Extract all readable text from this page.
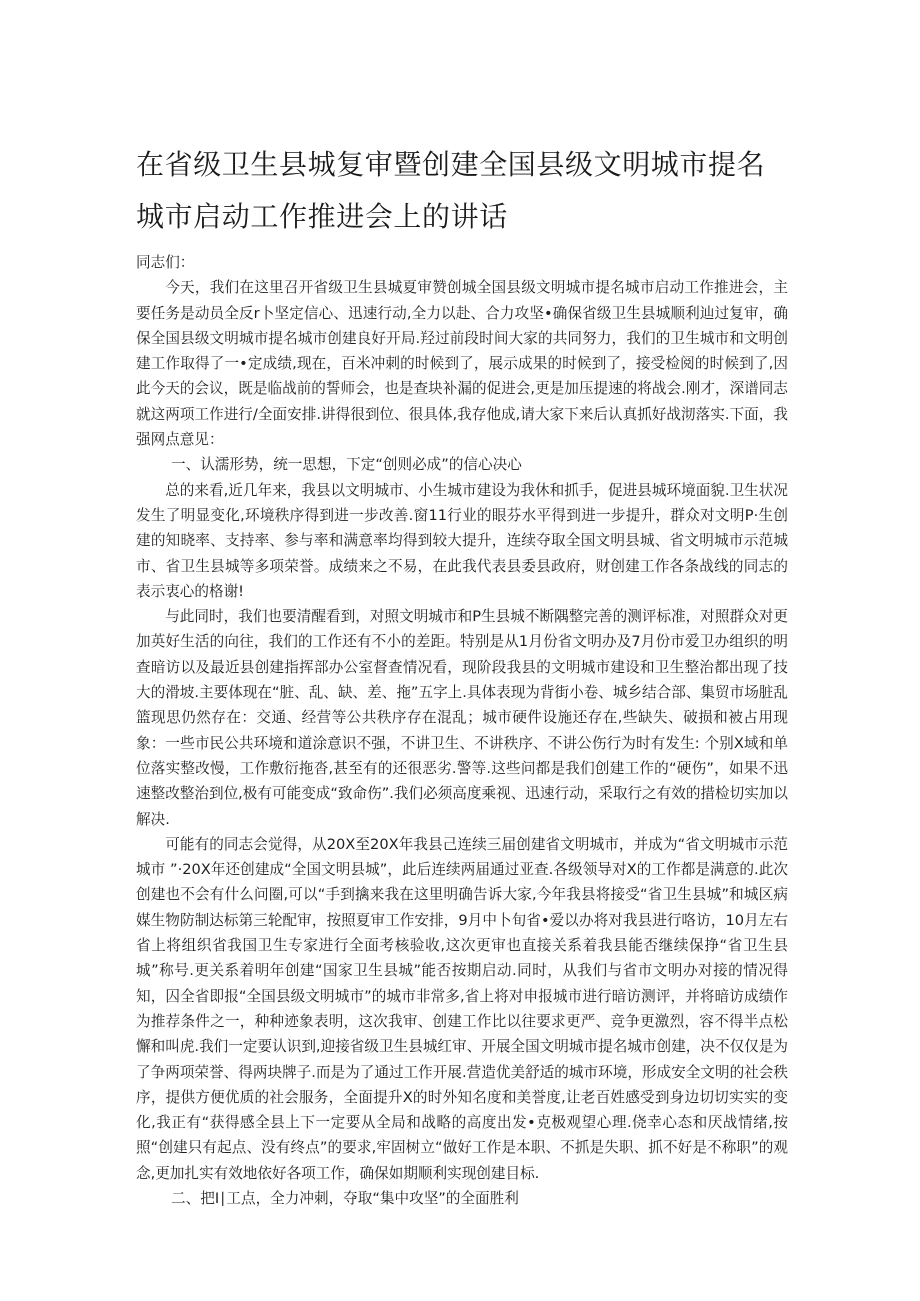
在省级卫生县城复审暨创建全国县级文明城市提名
城市启动工作推进会上的讲话

同志们：

今天，我们在这里召开省级卫生县城夏审赞创城全国县级文明城市提名城市启动工作推进会，主要任务是动员全反r卜坚定信心、迅速行动,全力以赴、合力攻坚•确保省级卫生县城顺利辿过复审，确保全国县级文明城市提名城市创建良好开局.羟过前段时间大家的共同努力，我们的卫生城市和文明创建工作取得了一•定成绩,现在，百米冲刺的时候到了，展示成果的时候到了，接受检阅的时候到了,因此今天的会议，既是临战前的誓师会，也是查块补漏的促进会,更是加压提速的将战会.刚才，深谱同志就这两项工作进行/全面安排.讲得很到位、很具体,我存他成,请大家下来后认真抓好战沏落实.下面，我强网点意见：

一、认濡形势，统一思想，下定“创则必成”的信心决心

总的来看,近几年来，我县以文明城市、小生城市建设为我休和抓手，促进县城环境面貌.卫生状况发生了明显变化,环境秩序得到进一步改善.窗11行业的眼芬水平得到进一步提升，群众对文明P·生创建的知晓率、支持率、参与率和满意率均得到较大提升，连续夺取全国文明县城、省文明城市示范城市、省卫生县城等多项荣誉。成绩来之不易，在此我代表县委县政府，财创建工作各条战线的同志的表示衷心的格谢!

与此同时，我们也要清醒看到，对照文明城市和P生县城不断隅整完善的测评标准，对照群众对更加英好生活的向往，我们的工作还有不小的差距。特别是从1月份省文明办及7月份市爱卫办组织的明查暗访以及最近县创建指挥部办公室督查情况看，现阶段我县的文明城市建设和卫生整治都出现了技大的滑坡.主要体现在“脏、乱、缺、差、拖”五字上.具体表现为背街小卷、城乡结合部、集贸市场脏乱篮现思仍然存在：交通、经营等公共秩序存在混乱；城市硬件设施还存在,些缺失、破损和被占用现象：一些市民公共环境和道涂意识不强，不讲卫生、不讲秩序、不讲公伤行为时有发生: 个别X域和单位落实整改慢，工作敷衍拖沓,甚至有的还很恶劣.警等.这些问都是我们创建工作的“硬伤”，如果不迅速整改整治到位,极有可能变成“致命伤”.我们必须高度乘视、迅速行动，采取行之有效的措检切实加以解决.

可能有的同志会觉得，从20X至20X年我县己连续三届创建省文明城市，并成为“省文明城市示范城市 ”·20X年还创建成“全国文明县城”，此后连续两届通过亚查.各级领导对X的工作都是满意的.此次创建也不会有什么问圈,可以“手到擒来我在这里明确告诉大家,今年我县将接受“省卫生县城”和城区病媒生物防制达标第三轮配审，按照夏审工作安排，9月中卜旬省•爱以办将对我县进行咯访，10月左右省上将组织省我国卫生专家进行全面考核验收,这次更审也直接关系着我县能否继续保挣“省卫生县城”称号.更关系着明年创建“国家卫生县城”能否按期启动.同时，从我们与省市文明办对接的情况得知，囚全省即报“全国县级文明城市”的城市非常多,省上将对申报城市进行暗访测评，并将暗访成绩作为推荐条件之一，种种迹象表明，这次我审、创建工作比以往要求更严、竞争更激烈，容不得半点松懈和叫虎.我们一定要认识到,迎接省级卫生县城红审、开展全国文明城市提名城市创建，决不仅仅是为了争两项荣誉、得两块牌子.而是为了通过工作开展.营造优美舒适的城市环境，形成安全文明的社会秩序，提供方便优质的社会服务，全面提升X的时外知名度和美誉度,让老百姓感受到身边切切实实的变化,我正有“获得感全县上下一定要从全局和战略的高度出发•克极观望心理.侥幸心态和厌战情绪,按照“创建只有起点、没有终点”的要求,牢固树立“做好工作是本职、不抓是失职、抓不好是不称职”的观念,更加扎实有效地依好各项工作，确保如期顺利实现创建目标.

二、把I∣工点，全力冲刺，夺取“集中攻坚”的全面胜利
